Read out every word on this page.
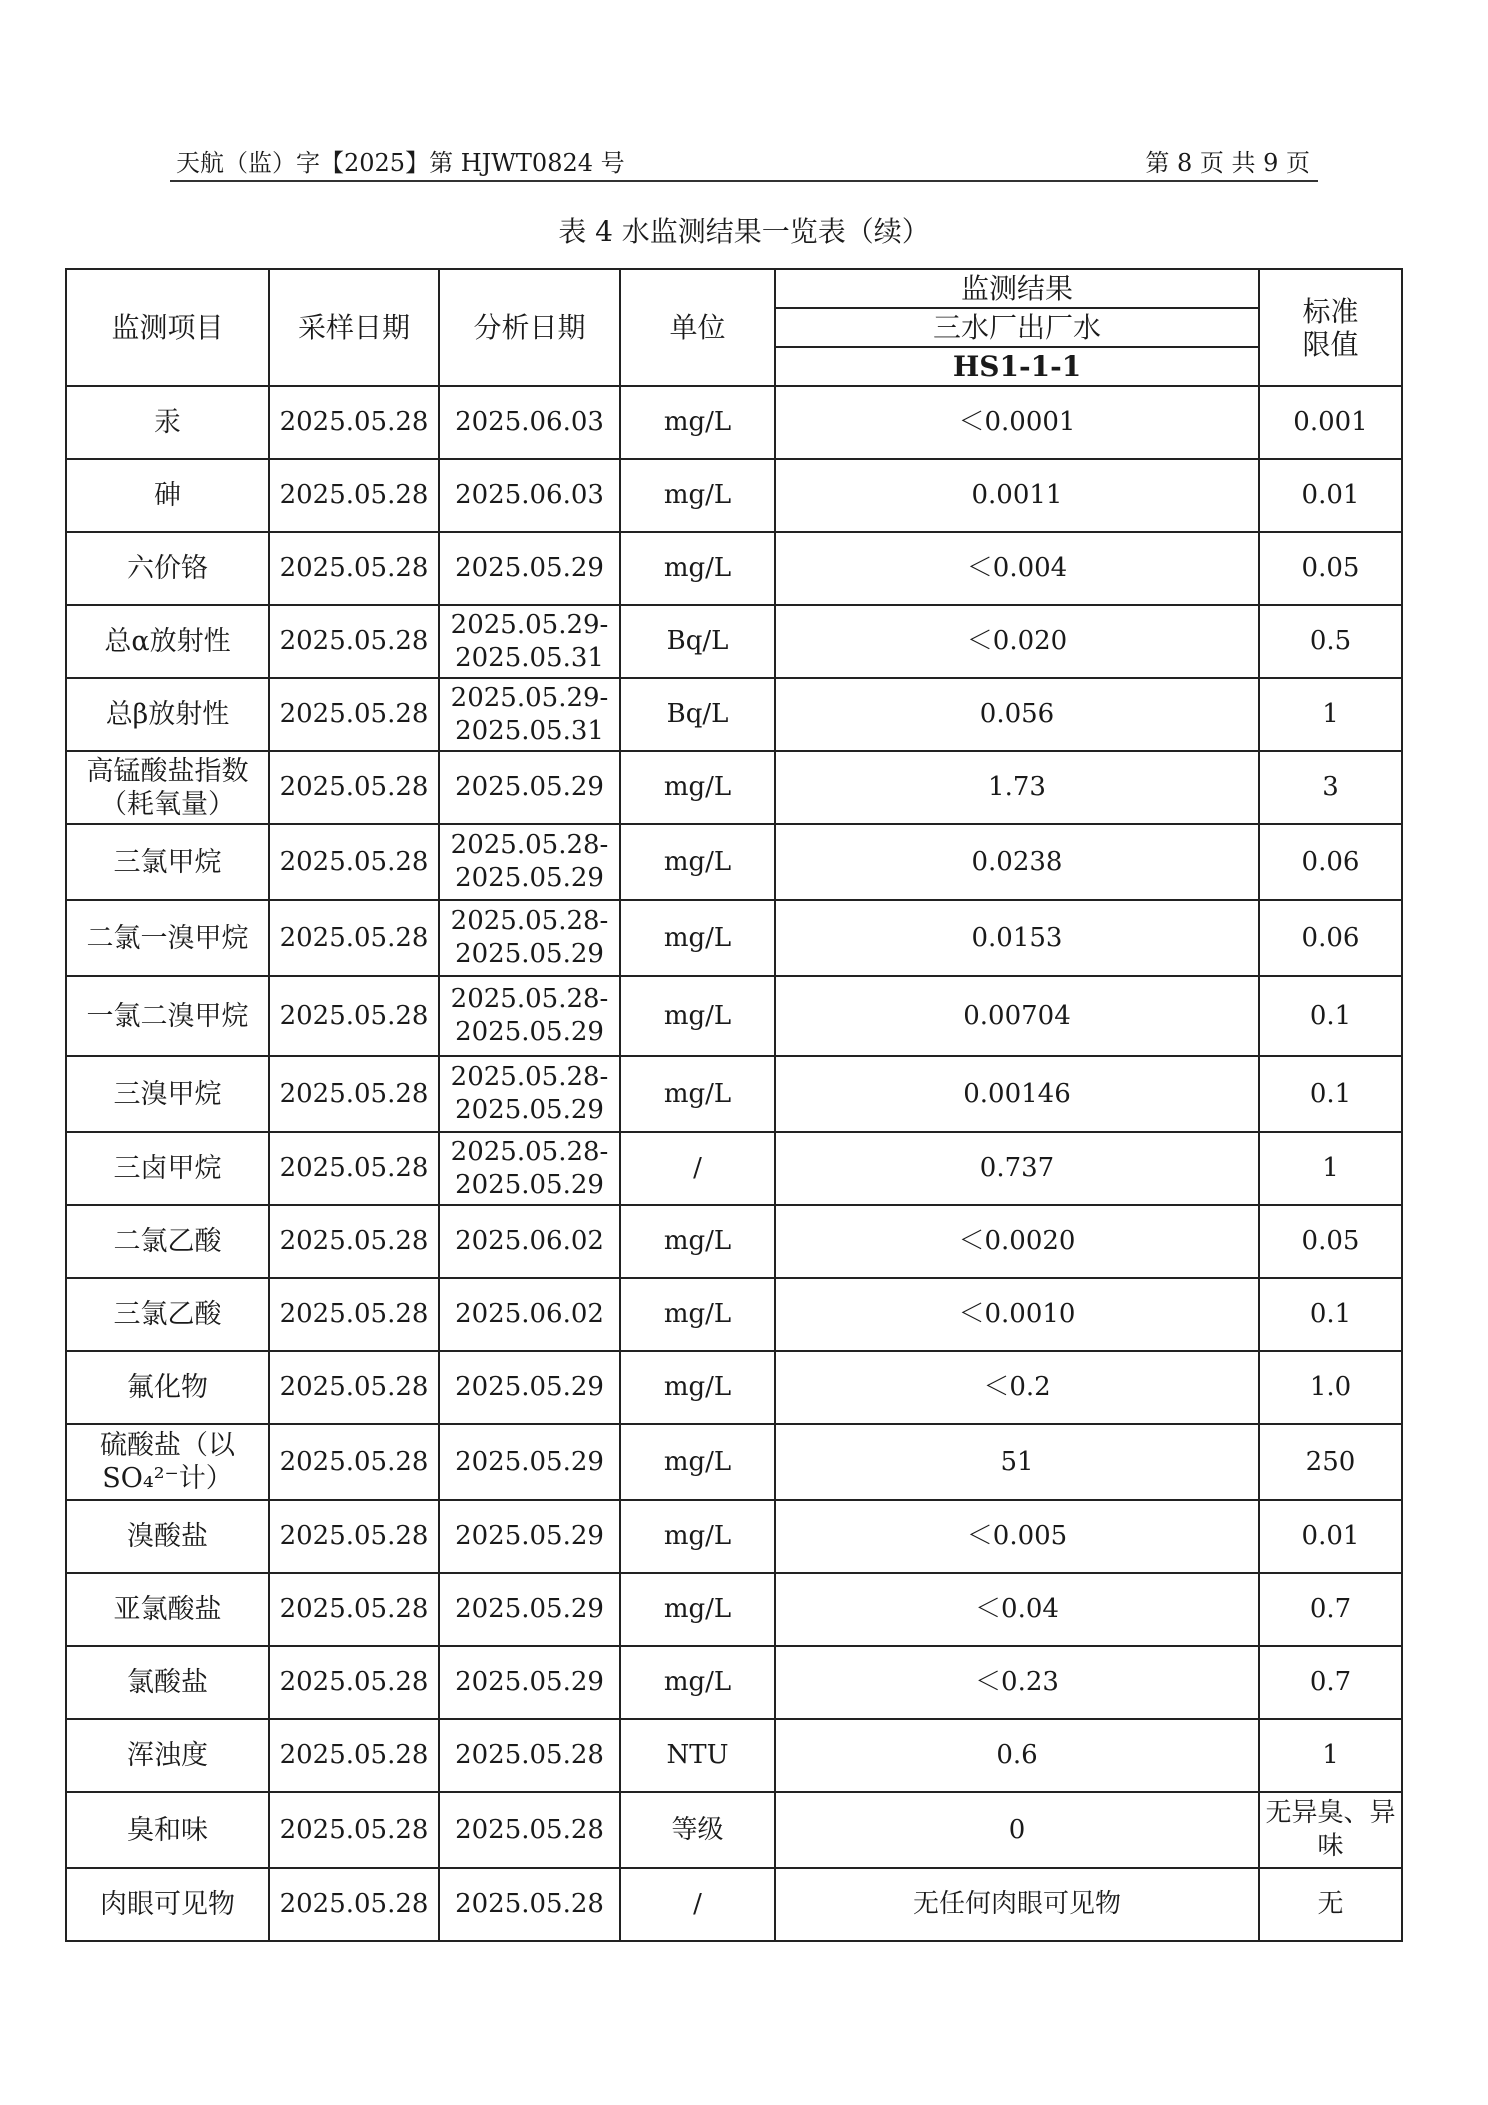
天航（监）字【2025】第 HJWT0824 号	第 8 页 共 9 页
表 4 水监测结果一览表（续）
监测项目	采样日期	分析日期	单位	监测结果	标准
限值

				三水厂出厂水	
				HS1-1-1	
汞	2025.05.28	2025.06.03	mg/L	＜0.0001	0.001
砷	2025.05.28	2025.06.03	mg/L	0.0011	0.01
六价铬	2025.05.28	2025.05.29	mg/L	＜0.004	0.05
总α放射性	2025.05.28	2025.05.29-2025.05.31	Bq/L	＜0.020	0.5
总β放射性	2025.05.28	2025.05.29-2025.05.31	Bq/L	0.056	1
高锰酸盐指数（耗氧量）	2025.05.28	2025.05.29	mg/L	1.73	3
三氯甲烷	2025.05.28	2025.05.28-2025.05.29	mg/L	0.0238	0.06
二氯一溴甲烷	2025.05.28	2025.05.28-2025.05.29	mg/L	0.0153	0.06
一氯二溴甲烷	2025.05.28	2025.05.28-2025.05.29	mg/L	0.00704	0.1
三溴甲烷	2025.05.28	2025.05.28-2025.05.29	mg/L	0.00146	0.1
三卤甲烷	2025.05.28	2025.05.28-2025.05.29	/	0.737	1
二氯乙酸	2025.05.28	2025.06.02	mg/L	＜0.0020	0.05
三氯乙酸	2025.05.28	2025.06.02	mg/L	＜0.0010	0.1
氟化物	2025.05.28	2025.05.29	mg/L	＜0.2	1.0
硫酸盐（以SO₄²⁻计）	2025.05.28	2025.05.29	mg/L	51	250
溴酸盐	2025.05.28	2025.05.29	mg/L	＜0.005	0.01
亚氯酸盐	2025.05.28	2025.05.29	mg/L	＜0.04	0.7
氯酸盐	2025.05.28	2025.05.29	mg/L	＜0.23	0.7
浑浊度	2025.05.28	2025.05.28	NTU	0.6	1
臭和味	2025.05.28	2025.05.28	等级	0	无异臭、异味
肉眼可见物	2025.05.28	2025.05.28	/	无任何肉眼可见物	无
